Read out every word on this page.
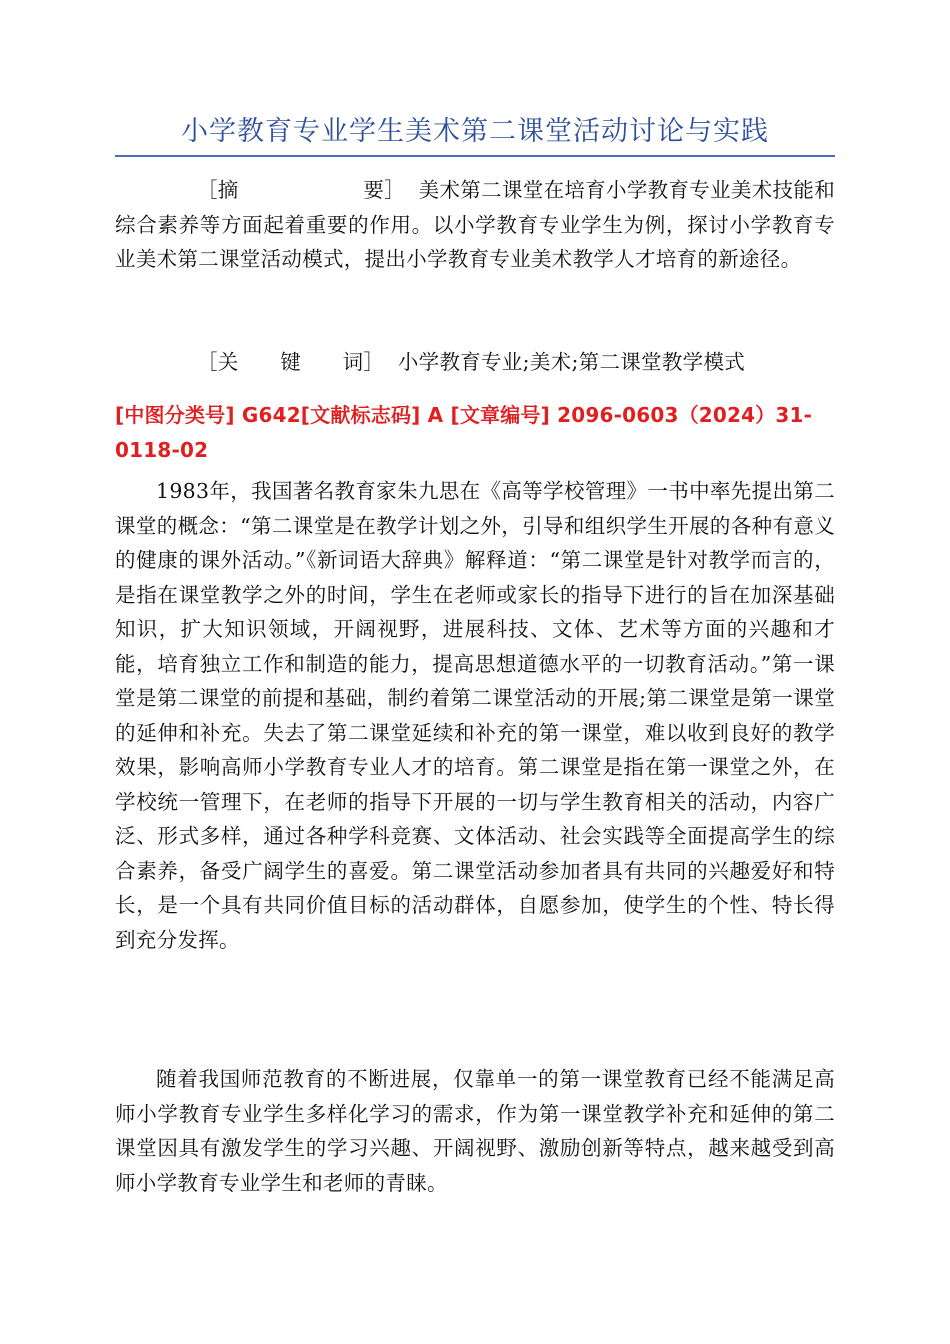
小学教育专业学生美术第二课堂活动讨论与实践

［摘　　　　　　要］ 美术第二课堂在培育小学教育专业美术技能和综合素养等方面起着重要的作用。以小学教育专业学生为例，探讨小学教育专业美术第二课堂活动模式，提出小学教育专业美术教学人才培育的新途径。

［关　　键　　词］ 小学教育专业;美术;第二课堂教学模式

[中图分类号] G642[文献标志码] A [文章编号] 2096-0603（2024）31-0118-02

1983年，我国著名教育家朱九思在《高等学校管理》一书中率先提出第二课堂的概念：“第二课堂是在教学计划之外，引导和组织学生开展的各种有意义的健康的课外活动。”《新词语大辞典》解释道：“第二课堂是针对教学而言的，是指在课堂教学之外的时间，学生在老师或家长的指导下进行的旨在加深基础知识，扩大知识领域，开阔视野，进展科技、文体、艺术等方面的兴趣和才能，培育独立工作和制造的能力，提高思想道德水平的一切教育活动。”第一课堂是第二课堂的前提和基础，制约着第二课堂活动的开展;第二课堂是第一课堂的延伸和补充。失去了第二课堂延续和补充的第一课堂，难以收到良好的教学效果，影响高师小学教育专业人才的培育。第二课堂是指在第一课堂之外，在学校统一管理下，在老师的指导下开展的一切与学生教育相关的活动，内容广泛、形式多样，通过各种学科竞赛、文体活动、社会实践等全面提高学生的综合素养，备受广阔学生的喜爱。第二课堂活动参加者具有共同的兴趣爱好和特长，是一个具有共同价值目标的活动群体，自愿参加，使学生的个性、特长得到充分发挥。

随着我国师范教育的不断进展，仅靠单一的第一课堂教育已经不能满足高师小学教育专业学生多样化学习的需求，作为第一课堂教学补充和延伸的第二课堂因具有激发学生的学习兴趣、开阔视野、激励创新等特点，越来越受到高师小学教育专业学生和老师的青睐。
